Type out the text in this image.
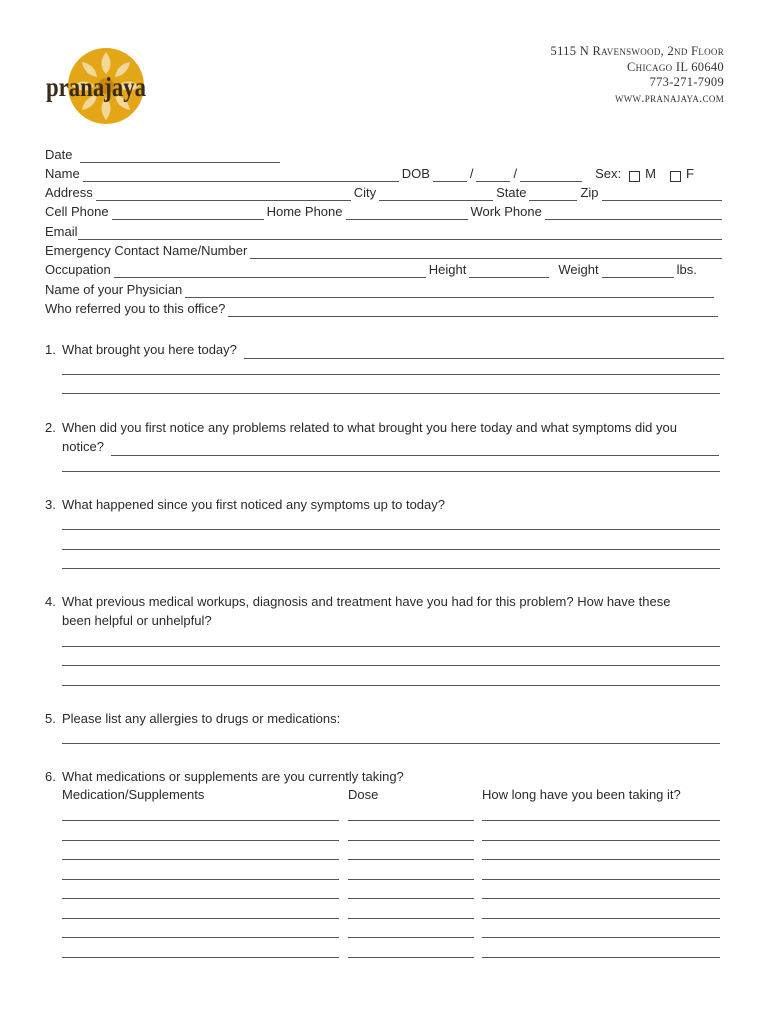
pranajaya
5115 N Ravenswood, 2nd Floor
Chicago IL 60640
773-271-7909
www.pranajaya.com
Date
Name	DOB	/	/	Sex: M F
Address	City	State	Zip
Cell Phone	Home Phone	Work Phone
Email
Emergency Contact Name/Number
Occupation	Height	Weight	lbs.
Name of your Physician
Who referred you to this office?
1. What brought you here today?
2. When did you first notice any problems related to what brought you here today and what symptoms did you
notice?
3. What happened since you first noticed any symptoms up to today?
4. What previous medical workups, diagnosis and treatment have you had for this problem? How have these
been helpful or unhelpful?
5. Please list any allergies to drugs or medications:
6. What medications or supplements are you currently taking?
Medication/Supplements	Dose	How long have you been taking it?
